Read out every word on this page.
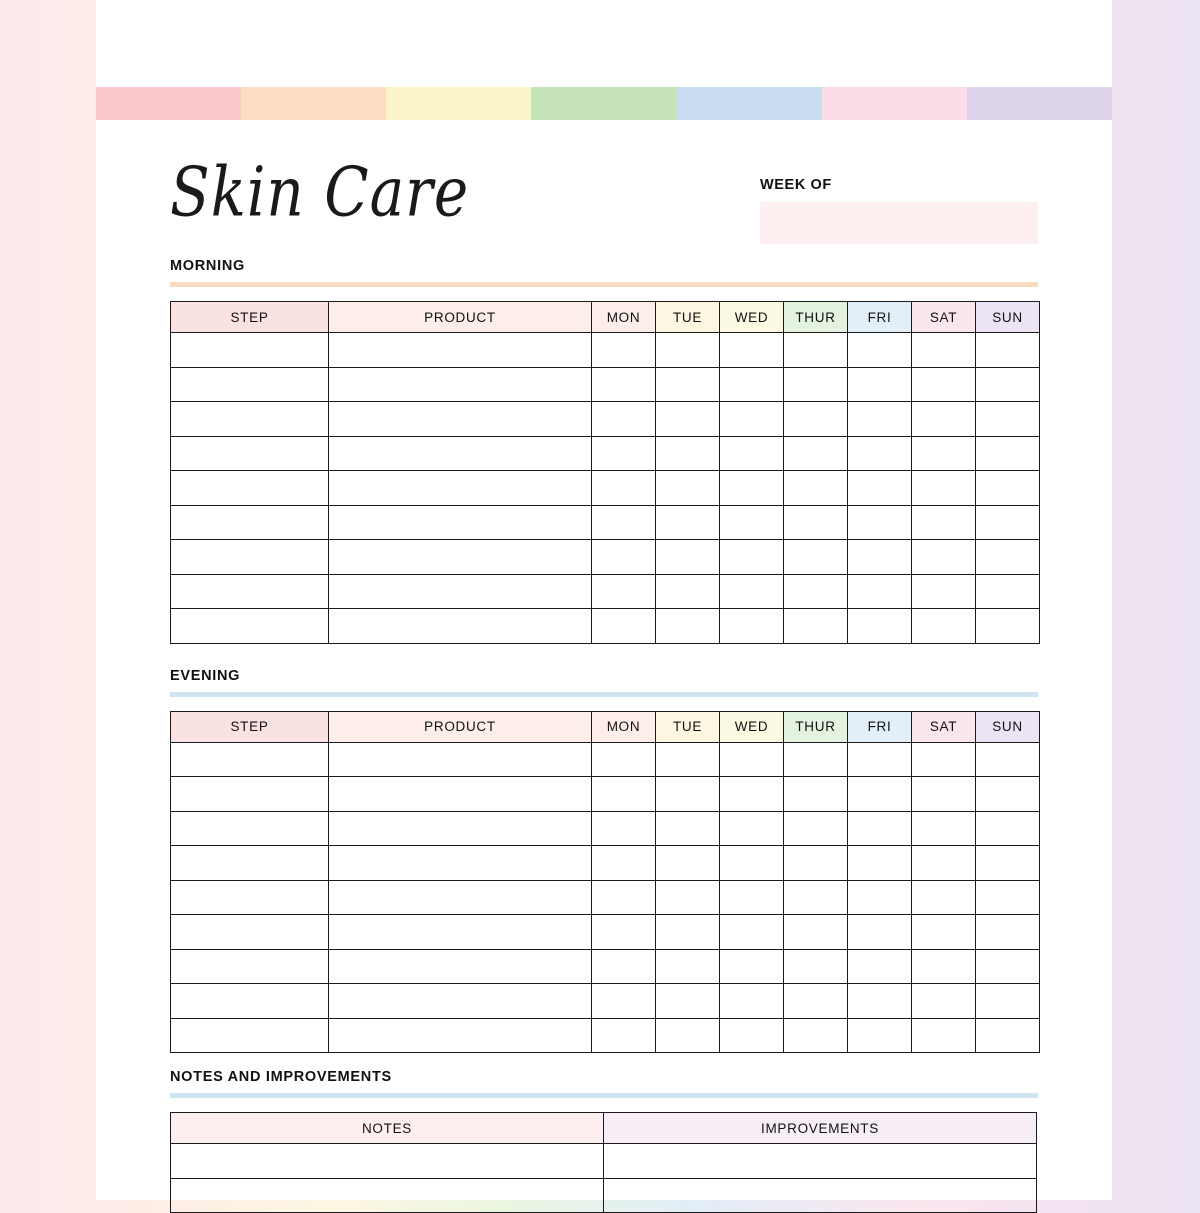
Skin Care	WEEK OF
MORNING
STEP	PRODUCT	MON	TUE	WED	THUR	FRI	SAT	SUN

EVENING
STEP	PRODUCT	MON	TUE	WED	THUR	FRI	SAT	SUN

NOTES AND IMPROVEMENTS
NOTES	IMPROVEMENTS
